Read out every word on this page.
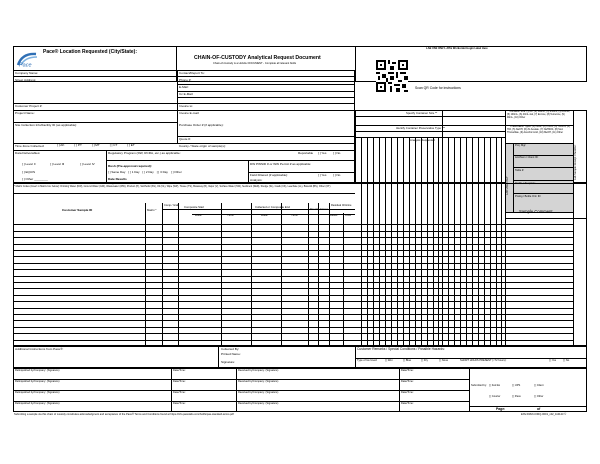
Pace
Pace® Location Requested (City/State):
CHAIN-OF-CUSTODY Analytical Request Document
Chain-of-Custody is a LEGAL DOCUMENT - Complete all relevant fields
LAB USE ONLY- Affix Workorder/Login Label Here
Scan QR Code for instructions
Company Name:	Contact/Report To:
Street Address:	Phone #:
E-Mail:
Cc E-Mail:
Customer Project #:	Invoice to:
Project Name:	Invoice E-mail:
Site Collection Info/Facility ID (as applicable):	Purchase Order # (if applicable):
Quote #:
Time Zone Collected:	[ ] AK	[ ] PT	[ ] MT	[ ] CT	[ ] ET	County / State origin of sample(s):
Data Deliverables:
[ ] Level II	[ ] Level III	[ ] Level IV
[ ] EQUIS
[ ] Other ________
Regulatory Program (DW, RCRA, etc.) as applicable:	Reportable [ ] Yes [ ] No
Rush (Pre-approval required):
[ ] Same Day [ ] 1 Day [ ] 2 Day [ ] 3 Day [ ] Other
Date Results
Requested:
DW PWSID # or WW Permit # as applicable:
Field Filtered (if applicable):	[ ] Yes [ ] No
Analysis:
Specify Container Size **
Identify Container Preservative Type ***
Analysis Requested
** Container Size: (1) 1L, (2) 500mL, (3) 250mL, (4) 125mL, (5) 100mL, (6) 40mL vial, (7) Encore, (8) Terracore, (9) 90mL, (10) Other
*** Preservative Types: (1) None, (2) HNO3, (3) H2SO4, (4) HCl, (5) NaOH, (6) Zn Acetate, (7) NaHSO4, (8) Sod. Thiosulfate, (9) Ascorbic Acid, (10) MeOH, (11) Other
Lab Sample Receipt Checklist:
LAB USE ONLY
Proj. Mgr:
AcctNum / Client ID:
Table #:
Profile / Template:
Prelog / Bottle Ord. ID:
Sample Comment
* Matrix Codes (Insert in Matrix box below): Drinking Water (DW), Ground Water (GW), Wastewater (WW), Product (P), Soil/Solid (SS), Oil (OL), Wipe (WP), Tissue (TS), Bioassay (B), Vapor (V), Surface Water (SW), Sediment (SED), Sludge (SL), Caulk (CK), Leachate (LL), Biosolid (BS), Other (OT)
Customer Sample ID	Matrix *
Comp / Grab Composite Start
Date	Time
Collected or Composite End
Date	Time
Res Cl # Cont.
Residual Chlorine
Result	Units
Additional Instructions from Pace®:	Collected By:
Printed Name:
Signature:
Customer Remarks / Special Conditions / Possible Hazards:
Type of Ice Used:	[ ] Wet	[ ] Blue	[ ] Dry	[ ] None	SHORT HOLDS PRESENT (<72 hours):	[ ] Yes	[ ] No
Relinquished by/Company: (Signature)	Date/Time:	Received by/Company: (Signature)	Date/Time:
Relinquished by/Company: (Signature)	Date/Time:	Received by/Company: (Signature)	Date/Time:
Relinquished by/Company: (Signature)	Date/Time:	Received by/Company: (Signature)	Date/Time:
Relinquished by/Company: (Signature)	Date/Time:	Received by/Company: (Signature)	Date/Time:
Submitted by: [ ] Fed Ex	[ ] UPS	[ ] Client
[ ] Courier	[ ] Pace	[ ] Other
Page:	of
Submitting a sample via this chain of custody constitutes acknowledgment and acceptance of the Pace® Terms and Conditions found at https://info.pacelabs.com/hubfs/pas-standard-terms.pdf	ENV-FRM-CORQ-0019_v02_110123 ©
